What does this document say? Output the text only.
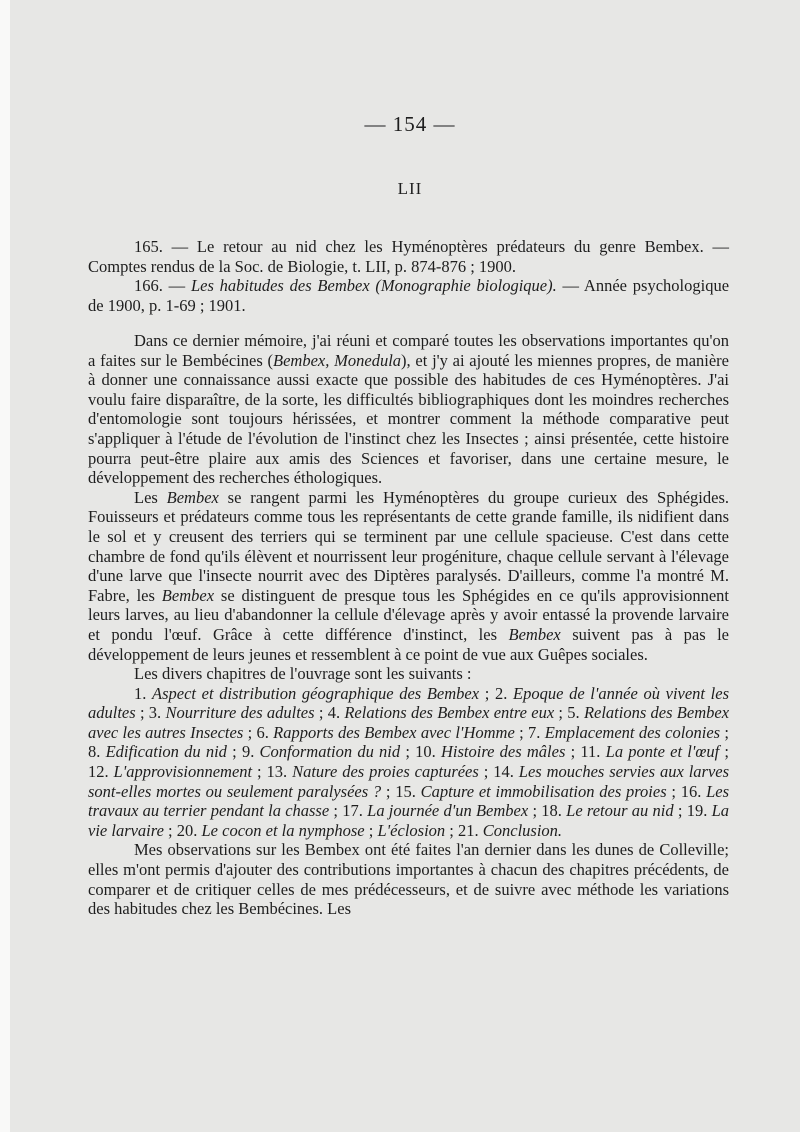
— 154 —
LII

165. — Le retour au nid chez les Hyménoptères prédateurs du genre Bembex. — Comptes rendus de la Soc. de Biologie, t. LII, p. 874-876 ; 1900.

166. — Les habitudes des Bembex (Monographie biologique). — Année psychologique de 1900, p. 1-69 ; 1901.

Dans ce dernier mémoire, j'ai réuni et comparé toutes les observations importantes qu'on a faites sur le Bembécines (Bembex, Monedula), et j'y ai ajouté les miennes propres, de manière à donner une connaissance aussi exacte que possible des habitudes de ces Hyménoptères. J'ai voulu faire disparaître, de la sorte, les difficultés bibliographiques dont les moindres recherches d'entomologie sont toujours hérissées, et montrer comment la méthode comparative peut s'appliquer à l'étude de l'évolution de l'instinct chez les Insectes ; ainsi présentée, cette histoire pourra peut-être plaire aux amis des Sciences et favoriser, dans une certaine mesure, le développement des recherches éthologiques.

Les Bembex se rangent parmi les Hyménoptères du groupe curieux des Sphégides. Fouisseurs et prédateurs comme tous les représentants de cette grande famille, ils nidifient dans le sol et y creusent des terriers qui se terminent par une cellule spacieuse. C'est dans cette chambre de fond qu'ils élèvent et nourrissent leur progéniture, chaque cellule servant à l'élevage d'une larve que l'insecte nourrit avec des Diptères paralysés. D'ailleurs, comme l'a montré M. Fabre, les Bembex se distinguent de presque tous les Sphégides en ce qu'ils approvisionnent leurs larves, au lieu d'abandonner la cellule d'élevage après y avoir entassé la provende larvaire et pondu l'œuf. Grâce à cette différence d'instinct, les Bembex suivent pas à pas le développement de leurs jeunes et ressemblent à ce point de vue aux Guêpes sociales.

Les divers chapitres de l'ouvrage sont les suivants :

1. Aspect et distribution géographique des Bembex ; 2. Epoque de l'année où vivent les adultes ; 3. Nourriture des adultes ; 4. Relations des Bembex entre eux ; 5. Relations des Bembex avec les autres Insectes ; 6. Rapports des Bembex avec l'Homme ; 7. Emplacement des colonies ; 8. Edification du nid ; 9. Conformation du nid ; 10. Histoire des mâles ; 11. La ponte et l'œuf ; 12. L'approvisionnement ; 13. Nature des proies capturées ; 14. Les mouches servies aux larves sont-elles mortes ou seulement paralysées ? ; 15. Capture et immobilisation des proies ; 16. Les travaux au terrier pendant la chasse ; 17. La journée d'un Bembex ; 18. Le retour au nid ; 19. La vie larvaire ; 20. Le cocon et la nymphose ; L'éclosion ; 21. Conclusion.

Mes observations sur les Bembex ont été faites l'an dernier dans les dunes de Colleville; elles m'ont permis d'ajouter des contributions importantes à chacun des chapitres précédents, de comparer et de critiquer celles de mes prédécesseurs, et de suivre avec méthode les variations des habitudes chez les Bembécines. Les
